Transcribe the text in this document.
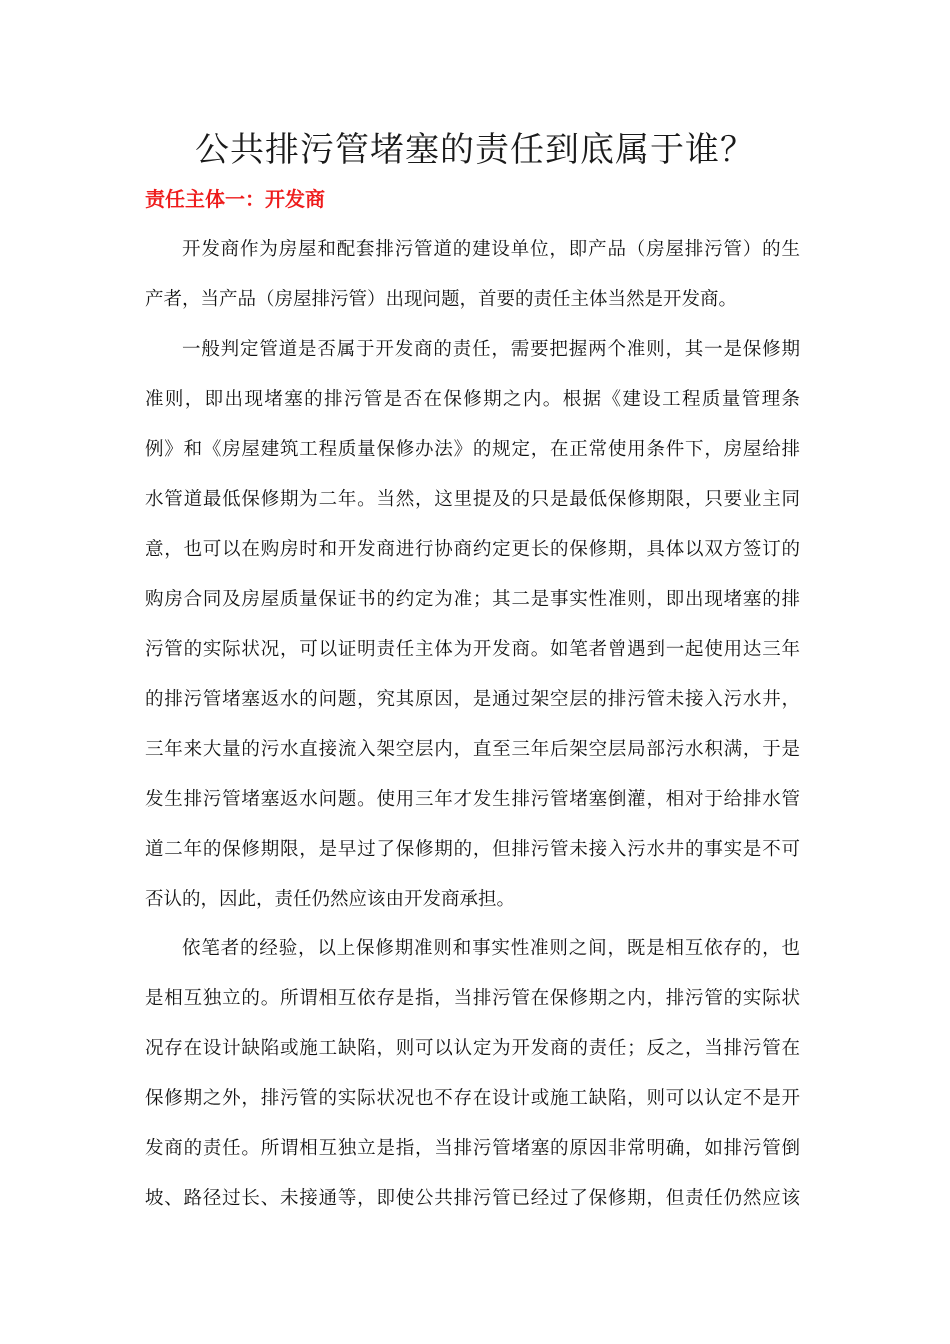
公共排污管堵塞的责任到底属于谁？
责任主体一：开发商
开发商作为房屋和配套排污管道的建设单位，即产品（房屋排污管）的生
产者，当产品（房屋排污管）出现问题，首要的责任主体当然是开发商。
一般判定管道是否属于开发商的责任，需要把握两个准则，其一是保修期
准则，即出现堵塞的排污管是否在保修期之内。根据《建设工程质量管理条
例》和《房屋建筑工程质量保修办法》的规定，在正常使用条件下，房屋给排
水管道最低保修期为二年。当然，这里提及的只是最低保修期限，只要业主同
意，也可以在购房时和开发商进行协商约定更长的保修期，具体以双方签订的
购房合同及房屋质量保证书的约定为准；其二是事实性准则，即出现堵塞的排
污管的实际状况，可以证明责任主体为开发商。如笔者曾遇到一起使用达三年
的排污管堵塞返水的问题，究其原因，是通过架空层的排污管未接入污水井，
三年来大量的污水直接流入架空层内，直至三年后架空层局部污水积满，于是
发生排污管堵塞返水问题。使用三年才发生排污管堵塞倒灌，相对于给排水管
道二年的保修期限，是早过了保修期的，但排污管未接入污水井的事实是不可
否认的，因此，责任仍然应该由开发商承担。
依笔者的经验，以上保修期准则和事实性准则之间，既是相互依存的，也
是相互独立的。所谓相互依存是指，当排污管在保修期之内，排污管的实际状
况存在设计缺陷或施工缺陷，则可以认定为开发商的责任；反之，当排污管在
保修期之外，排污管的实际状况也不存在设计或施工缺陷，则可以认定不是开
发商的责任。所谓相互独立是指，当排污管堵塞的原因非常明确，如排污管倒
坡、路径过长、未接通等，即使公共排污管已经过了保修期，但责任仍然应该
